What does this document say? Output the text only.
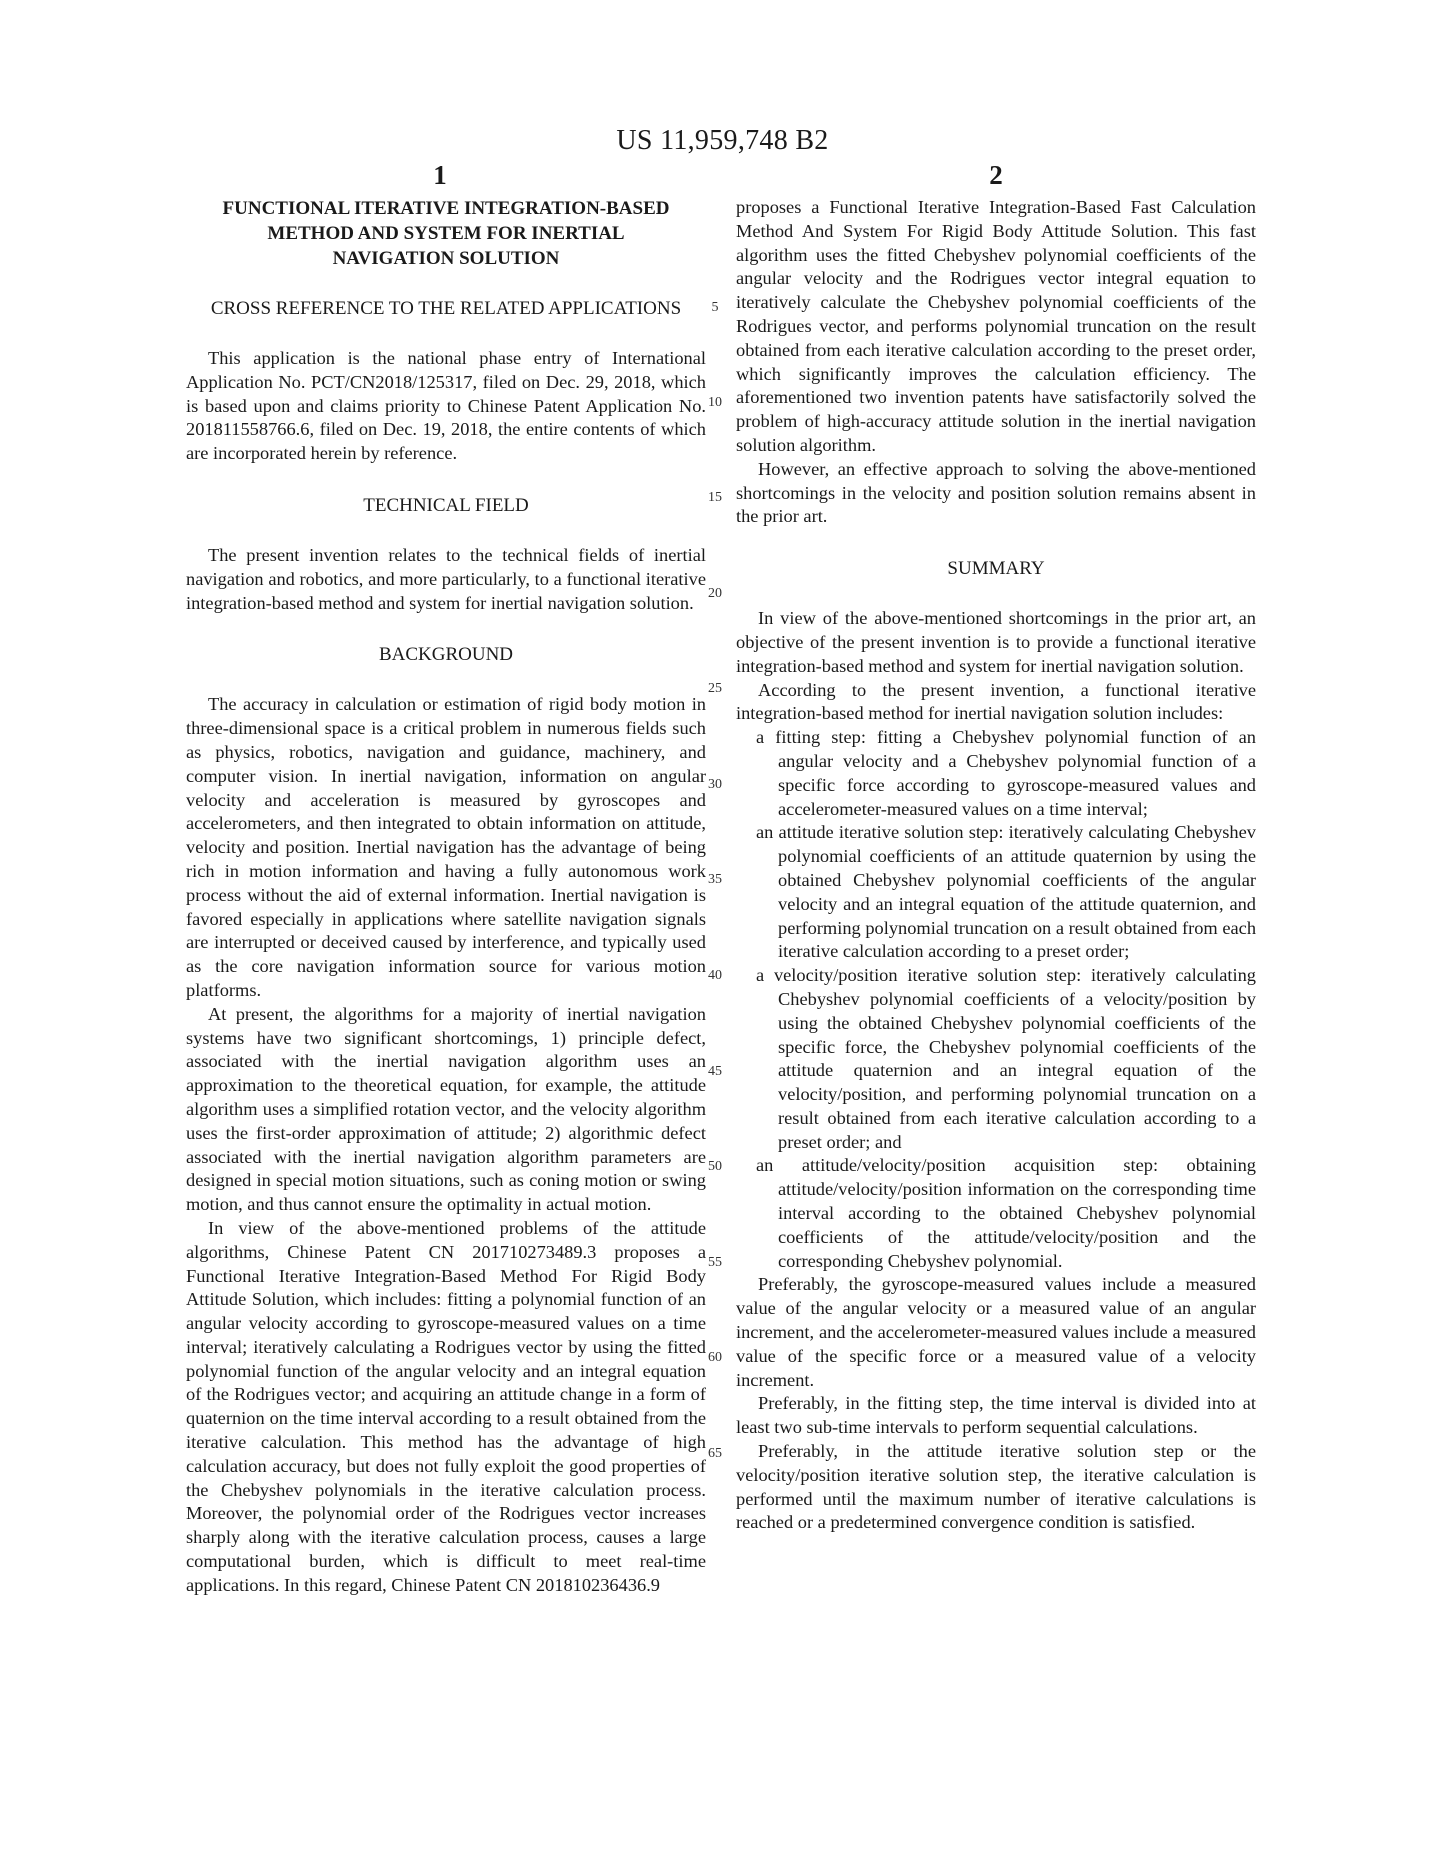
US 11,959,748 B2
1	2
FUNCTIONAL ITERATIVE INTEGRATION-BASED METHOD AND SYSTEM FOR INERTIAL NAVIGATION SOLUTION
CROSS REFERENCE TO THE RELATED APPLICATIONS

This application is the national phase entry of International Application No. PCT/CN2018/125317, filed on Dec. 29, 2018, which is based upon and claims priority to Chinese Patent Application No. 201811558766.6, filed on Dec. 19, 2018, the entire contents of which are incorporated herein by reference.

TECHNICAL FIELD

The present invention relates to the technical fields of inertial navigation and robotics, and more particularly, to a functional iterative integration-based method and system for inertial navigation solution.

BACKGROUND

The accuracy in calculation or estimation of rigid body motion in three-dimensional space is a critical problem in numerous fields such as physics, robotics, navigation and guidance, machinery, and computer vision. In inertial navigation, information on angular velocity and acceleration is measured by gyroscopes and accelerometers, and then integrated to obtain information on attitude, velocity and position. Inertial navigation has the advantage of being rich in motion information and having a fully autonomous work process without the aid of external information. Inertial navigation is favored especially in applications where satellite navigation signals are interrupted or deceived caused by interference, and typically used as the core navigation information source for various motion platforms.

At present, the algorithms for a majority of inertial navigation systems have two significant shortcomings, 1) principle defect, associated with the inertial navigation algorithm uses an approximation to the theoretical equation, for example, the attitude algorithm uses a simplified rotation vector, and the velocity algorithm uses the first-order approximation of attitude; 2) algorithmic defect associated with the inertial navigation algorithm parameters are designed in special motion situations, such as coning motion or swing motion, and thus cannot ensure the optimality in actual motion.

In view of the above-mentioned problems of the attitude algorithms, Chinese Patent CN 201710273489.3 proposes a Functional Iterative Integration-Based Method For Rigid Body Attitude Solution, which includes: fitting a polynomial function of an angular velocity according to gyroscope-measured values on a time interval; iteratively calculating a Rodrigues vector by using the fitted polynomial function of the angular velocity and an integral equation of the Rodrigues vector; and acquiring an attitude change in a form of quaternion on the time interval according to a result obtained from the iterative calculation. This method has the advantage of high calculation accuracy, but does not fully exploit the good properties of the Chebyshev polynomials in the iterative calculation process. Moreover, the polynomial order of the Rodrigues vector increases sharply along with the iterative calculation process, causes a large computational burden, which is difficult to meet real-time applications. In this regard, Chinese Patent CN 201810236436.9

5
10
15
20
25
30
35
40
45
50
55
60
65

proposes a Functional Iterative Integration-Based Fast Calculation Method And System For Rigid Body Attitude Solution. This fast algorithm uses the fitted Chebyshev polynomial coefficients of the angular velocity and the Rodrigues vector integral equation to iteratively calculate the Chebyshev polynomial coefficients of the Rodrigues vector, and performs polynomial truncation on the result obtained from each iterative calculation according to the preset order, which significantly improves the calculation efficiency. The aforementioned two invention patents have satisfactorily solved the problem of high-accuracy attitude solution in the inertial navigation solution algorithm.

However, an effective approach to solving the above-mentioned shortcomings in the velocity and position solution remains absent in the prior art.

SUMMARY

In view of the above-mentioned shortcomings in the prior art, an objective of the present invention is to provide a functional iterative integration-based method and system for inertial navigation solution.

According to the present invention, a functional iterative integration-based method for inertial navigation solution includes:

a fitting step: fitting a Chebyshev polynomial function of an angular velocity and a Chebyshev polynomial function of a specific force according to gyroscope-measured values and accelerometer-measured values on a time interval;
an attitude iterative solution step: iteratively calculating Chebyshev polynomial coefficients of an attitude quaternion by using the obtained Chebyshev polynomial coefficients of the angular velocity and an integral equation of the attitude quaternion, and performing polynomial truncation on a result obtained from each iterative calculation according to a preset order;
a velocity/position iterative solution step: iteratively calculating Chebyshev polynomial coefficients of a velocity/position by using the obtained Chebyshev polynomial coefficients of the specific force, the Chebyshev polynomial coefficients of the attitude quaternion and an integral equation of the velocity/position, and performing polynomial truncation on a result obtained from each iterative calculation according to a preset order; and
an attitude/velocity/position acquisition step: obtaining attitude/velocity/position information on the corresponding time interval according to the obtained Chebyshev polynomial coefficients of the attitude/velocity/position and the corresponding Chebyshev polynomial.

Preferably, the gyroscope-measured values include a measured value of the angular velocity or a measured value of an angular increment, and the accelerometer-measured values include a measured value of the specific force or a measured value of a velocity increment.

Preferably, in the fitting step, the time interval is divided into at least two sub-time intervals to perform sequential calculations.

Preferably, in the attitude iterative solution step or the velocity/position iterative solution step, the iterative calculation is performed until the maximum number of iterative calculations is reached or a predetermined convergence condition is satisfied.
